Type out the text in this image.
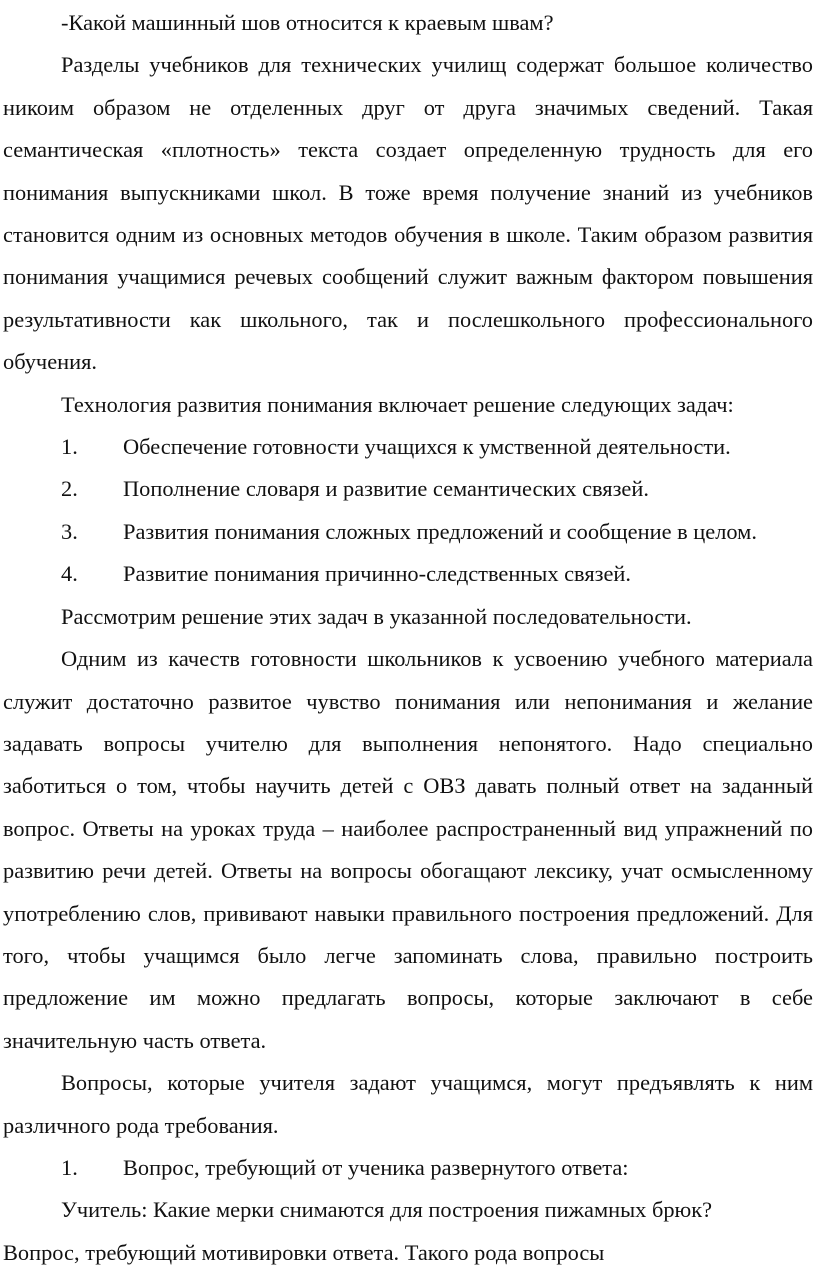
-Какой машинный шов относится к краевым швам?

Разделы учебников для технических училищ содержат большое количество никоим образом не отделенных друг от друга значимых сведений. Такая семантическая «плотность» текста создает определенную трудность для его понимания выпускниками школ. В тоже время получение знаний из учебников становится одним из основных методов обучения в школе. Таким образом развития понимания учащимися речевых сообщений служит важным фактором повышения результативности как школьного, так и послешкольного профессионального обучения.

Технология развития понимания включает решение следующих задач:

1. Обеспечение готовности учащихся к умственной деятельности.

2. Пополнение словаря и развитие семантических связей.

3. Развития понимания сложных предложений и сообщение в целом.

4. Развитие понимания причинно-следственных связей.

Рассмотрим решение этих задач в указанной последовательности.

Одним из качеств готовности школьников к усвоению учебного материала служит достаточно развитое чувство понимания или непонимания и желание задавать вопросы учителю для выполнения непонятого. Надо специально заботиться о том, чтобы научить детей с ОВЗ давать полный ответ на заданный вопрос. Ответы на уроках труда – наиболее распространенный вид упражнений по развитию речи детей. Ответы на вопросы обогащают лексику, учат осмысленному употреблению слов, прививают навыки правильного построения предложений. Для того, чтобы учащимся было легче запоминать слова, правильно построить предложение им можно предлагать вопросы, которые заключают в себе значительную часть ответа.

Вопросы, которые учителя задают учащимся, могут предъявлять к ним различного рода требования.

1. Вопрос, требующий от ученика развернутого ответа:

Учитель: Какие мерки снимаются для построения пижамных брюк?

Вопрос, требующий мотивировки ответа. Такого рода вопросы
